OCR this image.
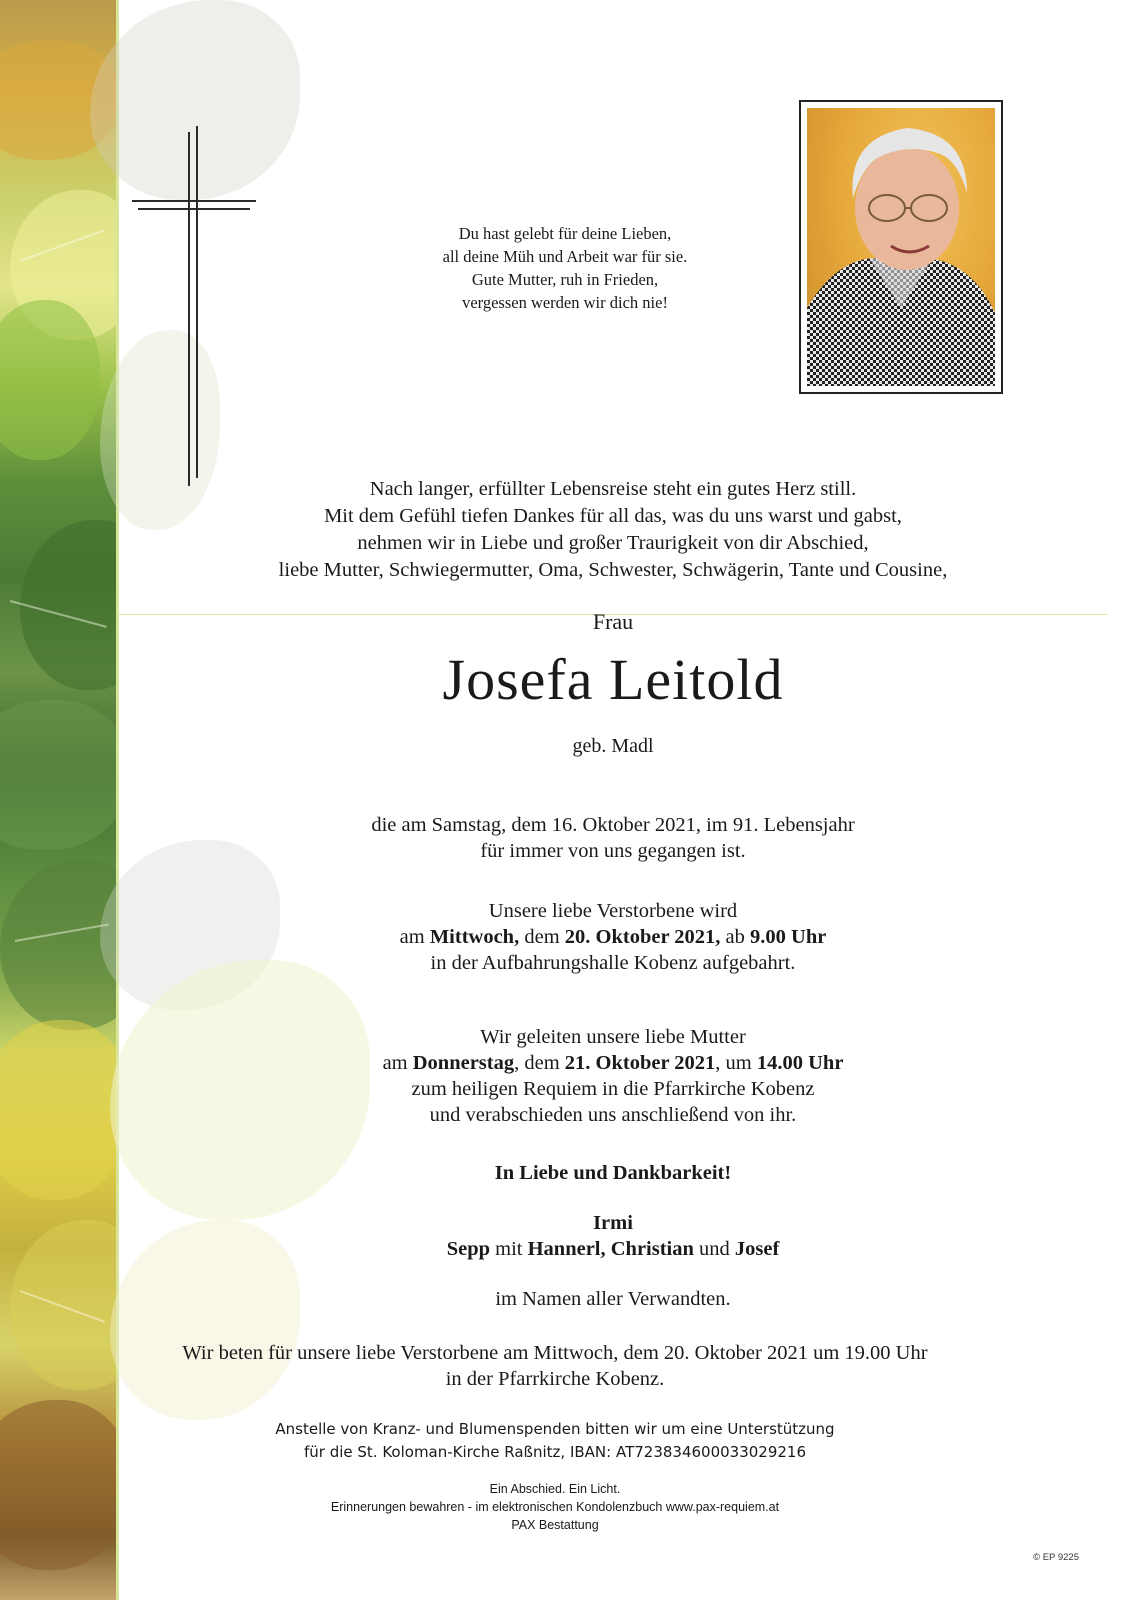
Du hast gelebt für deine Lieben,
all deine Müh und Arbeit war für sie.
Gute Mutter, ruh in Frieden,
vergessen werden wir dich nie!
Nach langer, erfüllter Lebensreise steht ein gutes Herz still.
Mit dem Gefühl tiefen Dankes für all das, was du uns warst und gabst,
nehmen wir in Liebe und großer Traurigkeit von dir Abschied,
liebe Mutter, Schwiegermutter, Oma, Schwester, Schwägerin, Tante und Cousine,
Frau
Josefa Leitold
geb. Madl
die am Samstag, dem 16. Oktober 2021, im 91. Lebensjahr
für immer von uns gegangen ist.
Unsere liebe Verstorbene wird
am Mittwoch, dem 20. Oktober 2021, ab 9.00 Uhr
in der Aufbahrungshalle Kobenz aufgebahrt.
Wir geleiten unsere liebe Mutter
am Donnerstag, dem 21. Oktober 2021, um 14.00 Uhr
zum heiligen Requiem in die Pfarrkirche Kobenz
und verabschieden uns anschließend von ihr.
In Liebe und Dankbarkeit!
Irmi
Sepp mit Hannerl, Christian und Josef
im Namen aller Verwandten.
Wir beten für unsere liebe Verstorbene am Mittwoch, dem 20. Oktober 2021 um 19.00 Uhr
in der Pfarrkirche Kobenz.
Anstelle von Kranz- und Blumenspenden bitten wir um eine Unterstützung
für die St. Koloman-Kirche Raßnitz, IBAN: AT723834600033029216
Ein Abschied. Ein Licht.
Erinnerungen bewahren - im elektronischen Kondolenzbuch www.pax-requiem.at
PAX Bestattung
© EP 9225
